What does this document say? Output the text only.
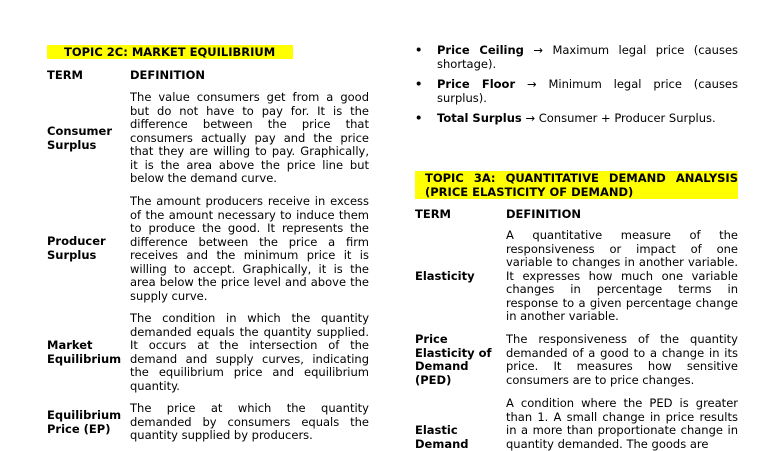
TOPIC 2C: MARKET EQUILIBRIUM
TERM	DEFINITION
Consumer Surplus
The value consumers get from a good but do not have to pay for. It is the difference between the price that consumers actually pay and the price that they are willing to pay. Graphically, it is the area above the price line but below the demand curve.
Producer Surplus
The amount producers receive in excess of the amount necessary to induce them to produce the good. It represents the difference between the price a firm receives and the minimum price it is willing to accept. Graphically, it is the area below the price level and above the supply curve.
Market Equilibrium
The condition in which the quantity demanded equals the quantity supplied. It occurs at the intersection of the demand and supply curves, indicating the equilibrium price and equilibrium quantity.
Equilibrium Price (EP)
The price at which the quantity demanded by consumers equals the quantity supplied by producers.
• Price Ceiling → Maximum legal price (causes shortage).
• Price Floor → Minimum legal price (causes surplus).
• Total Surplus → Consumer + Producer Surplus.
TOPIC 3A: QUANTITATIVE DEMAND ANALYSIS (PRICE ELASTICITY OF DEMAND)
TERM	DEFINITION
Elasticity
A quantitative measure of the responsiveness or impact of one variable to changes in another variable. It expresses how much one variable changes in percentage terms in response to a given percentage change in another variable.
Price Elasticity of Demand (PED)
The responsiveness of the quantity demanded of a good to a change in its price. It measures how sensitive consumers are to price changes.
Elastic Demand
A condition where the PED is greater than 1. A small change in price results in a more than proportionate change in quantity demanded. The goods are
